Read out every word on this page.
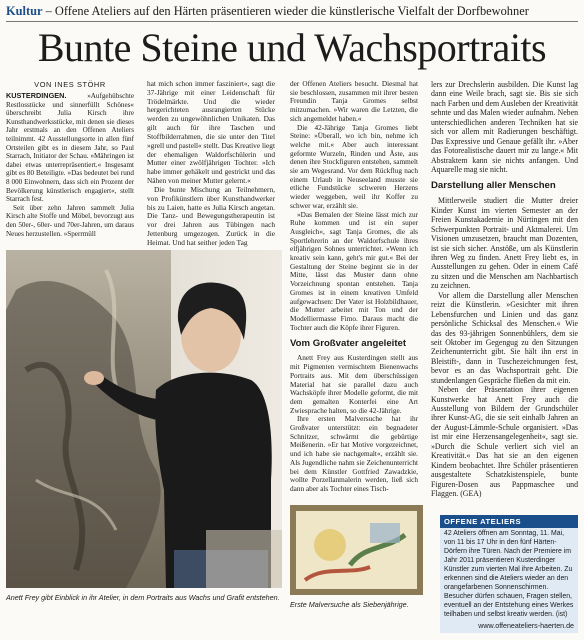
Kultur – Offene Ateliers auf den Härten präsentieren wieder die künstlerische Vielfalt der Dorfbewohner
Bunte Steine und Wachsportraits
VON INES STÖHR

KUSTERDINGEN.	»Aufgehübschte Restlosstücke und sinnerfüllt Schönes« überschreibt Julia Kirsch ihre Kunsthandwerksstücke, mit denen sie dieses Jahr erstmals an den Offenen Ateliers teilnimmt. 42 Ausstellungsorte in allen fünf Ortsteilen gibt es in diesem Jahr, so Paul Starrach, Initiator der Schau. »Mähringen ist dabei etwas unterrepräsentiert.« Insgesamt gibt es 80 Beteiligte. »Das bedeutet bei rund 8 000 Einwohnern, dass sich ein Prozent der Bevölkerung künstlerisch engagiert«, stellt Starrach fest.

Seit über zehn Jahren sammelt Julia Kirsch alte Stoffe und Möbel, bevorzugt aus den 50er-, 60er- und 70er-Jahren, um daraus Neues herzustellen. »Sperrmüll

hat mich schon immer fasziniert«, sagt die 37-Jährige mit einer Leidenschaft für Trödelmärkte. Und die wieder hergerichteten ausrangierten Stücke werden zu ungewöhnlichen Unikaten. Das gilt auch für ihre Taschen und Stoffbilderrahmen, die sie unter den Titel »grell und pastell« stellt. Das Kreative liegt der ehemaligen Waldorfschülerin und Mutter einer zwölfjährigen Tochter. »Ich habe immer gehäkelt und gestrickt und das Nähen von meiner Mutter gelernt.«

Die bunte Mischung an Teilnehmern, von Profikünstlern über Kunsthandwerker bis zu Laien, hatte es Julia Kirsch angetan. Die Tanz- und Bewegungstherapeutin ist vor drei Jahren aus Tübingen nach Jettenburg umgezogen. Zurück in die Heimat. Und hat seither jeden Tag

Anett Frey gibt Einblick in ihr Atelier, in dem Portraits aus Wachs und Grafit entstehen.

der Offenen Ateliers besucht. Diesmal hat sie beschlossen, zusammen mit ihrer besten Freundin Tanja Gromes selbst mitzumachen. »Wir waren die Letzten, die sich angemeldet haben.«

Die 42-Jährige Tanja Gromes liebt Steine: »Überall, wo ich bin, nehme ich welche mit.« Aber auch interessant geformte Wurzeln, Rinden und Äste, aus denen ihre Stockfiguren entstehen, sammelt sie am Wegesrand. Vor dem Rückflug nach einem Urlaub in Neuseeland musste sie etliche Fundstücke schweren Herzens wieder weggeben, weil ihr Koffer zu schwer war, erzählt sie.

»Das Bemalen der Steine lässt mich zur Ruhe kommen und ist ein super Ausgleich«, sagt Tanja Gromes, die als Sportlehrerin an der Waldorfschule ihres elfjährigen Sohnes unterrichtet. »Wenn ich kreativ sein kann, geht's mir gut.« Bei der Gestaltung der Steine beginnt sie in der Mitte, lässt das Muster dann ohne Vorzeichnung spontan entstehen. Tanja Gromes ist in einem kreativen Umfeld aufgewachsen: Der Vater ist Holzbildhauer, die Mutter arbeitet mit Ton und der Modelliermasse Fimo. Daraus macht die Tochter auch die Köpfe ihrer Figuren.

Vom Großvater angeleitet

Anett Frey aus Kusterdingen stellt aus mit Pigmenten vermischtem Bienenwachs Portraits aus. Mit dem überschüssigen Material hat sie parallel dazu auch Wachsköpfe ihrer Modelle geformt, die mit dem gemalten Konterfei eine Art Zwiesprache halten, so die 42-Jährige.

Ihre ersten Malversuche hat ihr Großvater unterstützt: ein begnadeter Schnitzer, schwärmt die gebürtige Meißenerin. »Er hat Motive vorgezeichnet, und ich habe sie nachgemalt«, erzählt sie. Als Jugendliche nahm sie Zeichenunterricht bei dem Künstler Gottfried Zawadzkie, wollte Porzellanmalerin werden, ließ sich dann aber als Tochter eines Tisch-

Erste Malversuche als Siebenjährige.

lers zur Drechslerin ausbilden. Die Kunst lag dann eine Weile brach, sagt sie. Bis sie sich nach Farben und dem Ausleben der Kreativität sehnte und das Malen wieder aufnahm. Neben unterschiedlichen anderen Techniken hat sie sich vor allem mit Radierungen beschäftigt. Das Expressive und Genaue gefällt ihr. »Aber das Fotorealistische dauert mir zu lange.« Mit Abstraktem kann sie nichts anfangen. Und Aquarelle mag sie nicht.

Darstellung aller Menschen

Mittlerweile studiert die Mutter dreier Kinder Kunst im vierten Semester an der Freien Kunstakademie in Nürtingen mit den Schwerpunkten Portrait- und Aktmalerei. Um Visionen umzusetzen, braucht man Dozenten, ist sie sich sicher. Anstöße, um als Künstlerin ihren Weg zu finden. Anett Frey liebt es, in Ausstellungen zu gehen. Oder in einem Café zu sitzen und die Menschen am Nachbartisch zu zeichnen.

Vor allem die Darstellung aller Menschen reizt die Künstlerin. »Gesichter mit ihren Lebensfurchen und Linien und das ganz persönliche Schicksal des Menschen.« Wie das des 93-jährigen Sonnenbühlers, dem sie seit Oktober im Gegengug zu den Sitzungen Zeichenunterricht gibt. Sie hält ihn erst in Bleistift-, dann in Tuschezeichnungen fest, bevor es an das Wachsportrait geht. Die stundenlangen Gespräche fließen da mit ein.

Neben der Präsentation ihrer eigenen Kunstwerke hat Anett Frey auch die Ausstellung von Bildern der Grundschüler ihrer Kunst-AG, die sie seit einhalb Jahren an der August-Lämmle-Schule organisiert. »Das ist mir eine Herzensangelegenheit«, sagt sie. »Durch die Schule verliert sich viel an Kreativität.« Das hat sie an den eigenen Kindern beobachtet. Ihre Schüler präsentieren ausgestaltete Schatzkistenspiele, bunte Figuren-Dosen aus Pappmaschee und Flaggen. (GEA)

OFFENE ATELIERS
42 Ateliers öffnen am Sonntag, 11. Mai, von 11 bis 17 Uhr in den fünf Härten-Dörfern ihre Türen. Nach der Premiere im Jahr 2011 präsentieren Kusterdinger Künstler zum vierten Mal ihre Arbeiten. Zu erkennen sind die Ateliers wieder an den orangefarbenen Sonnenschirmen. Besucher dürfen schauen, Fragen stellen, eventuell an der Entstehung eines Werkes teilhaben und selbst kreativ werden. (ist)
www.offeneateliers-haerten.de
